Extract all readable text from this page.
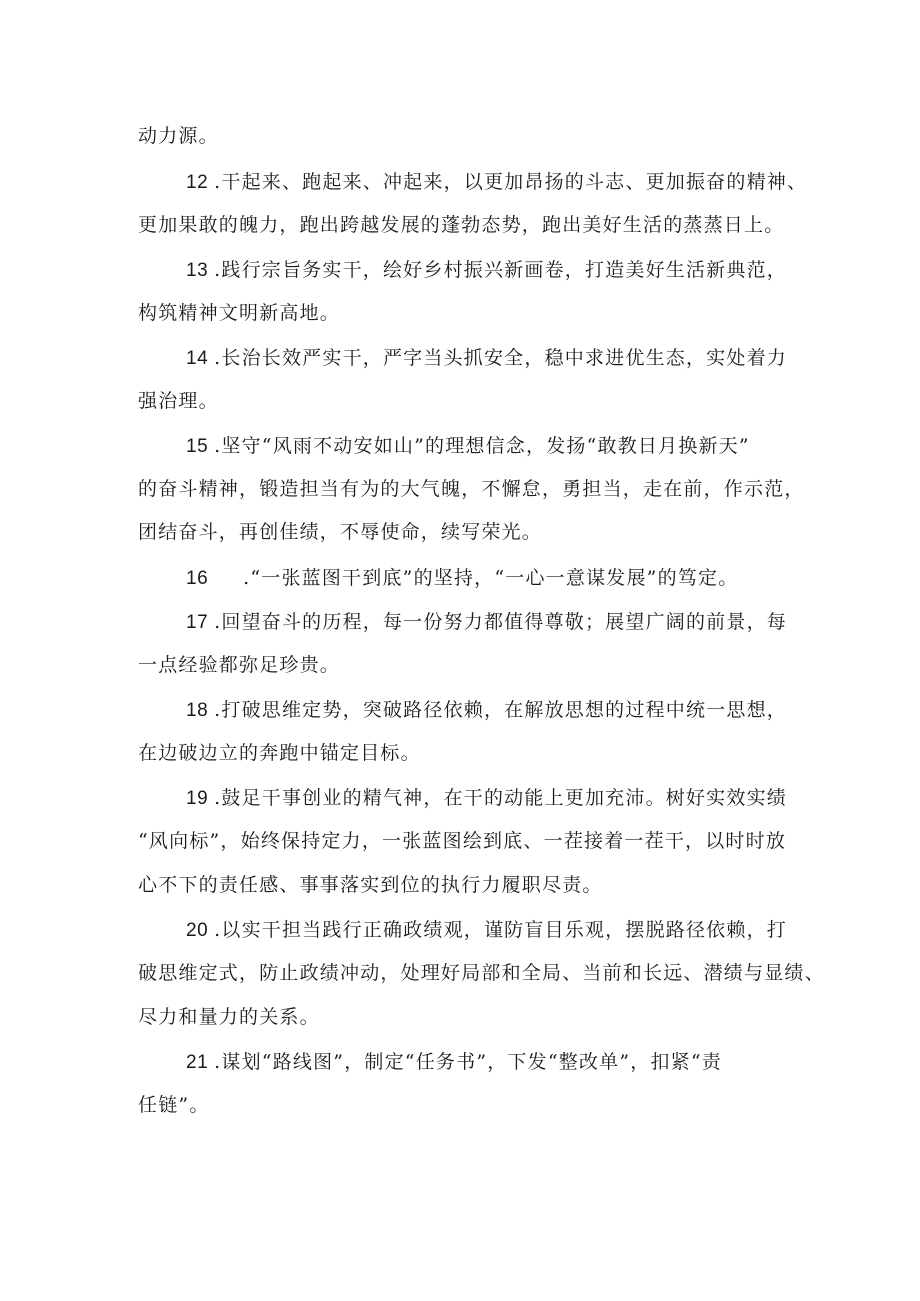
动力源。
12 .干起来、跑起来、冲起来，以更加昂扬的斗志、更加振奋的精神、
更加果敢的魄力，跑出跨越发展的蓬勃态势，跑出美好生活的蒸蒸日上。
13 .践行宗旨务实干，绘好乡村振兴新画卷，打造美好生活新典范，
构筑精神文明新高地。
14 .长治长效严实干，严字当头抓安全，稳中求进优生态，实处着力
强治理。
15 .坚守“风雨不动安如山”的理想信念，发扬“敢教日月换新天”
的奋斗精神，锻造担当有为的大气魄，不懈怠，勇担当，走在前，作示范，
团结奋斗，再创佳绩，不辱使命，续写荣光。
16    .“一张蓝图干到底”的坚持，“一心一意谋发展”的笃定。
17 .回望奋斗的历程，每一份努力都值得尊敬；展望广阔的前景，每
一点经验都弥足珍贵。
18 .打破思维定势，突破路径依赖，在解放思想的过程中统一思想，
在边破边立的奔跑中锚定目标。
19 .鼓足干事创业的精气神，在干的动能上更加充沛。树好实效实绩
“风向标”，始终保持定力，一张蓝图绘到底、一茬接着一茬干，以时时放
心不下的责任感、事事落实到位的执行力履职尽责。
20 .以实干担当践行正确政绩观，谨防盲目乐观，摆脱路径依赖，打
破思维定式，防止政绩冲动，处理好局部和全局、当前和长远、潜绩与显绩、
尽力和量力的关系。
21 .谋划“路线图”，制定“任务书”，下发“整改单”，扣紧“责
任链”。
